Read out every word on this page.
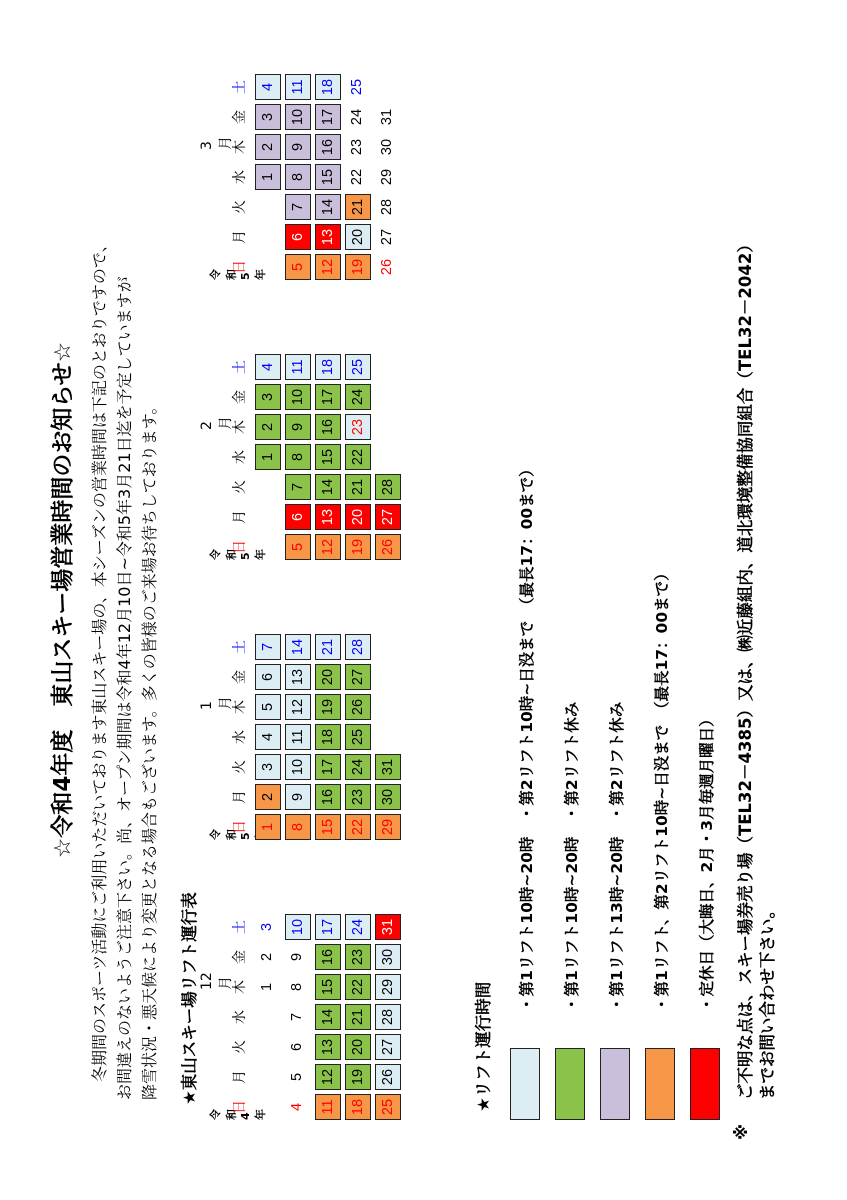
☆令和4年度　東山スキー場営業時間のお知らせ☆ 冬期間のスポーツ活動にご利用いただいております東山スキー場の、本シーズンの営業時間は下記のとおりですので、 お間違えのないようご注意下さい。尚、オープン期間は令和4年12月10日~令和5年3月21日迄を予定していますが 降雪状況・悪天候により変更となる場合もございます。多くの皆様のご来場お待ちしております。 ★東山スキー場リフト運行表
令和4年
12月
日
月
火
水
木
金
土
1
2
3
4
5
6
7
8
9
10
11
12
13
14
15
16
17
18
19
20
21
22
23
24
25
26
27
28
29
30
31
令和5
1月
日
月
火
水
木
金
土
1
2
3
4
5
6
7
8
9
10
11
12
13
14
15
16
17
18
19
20
21
22
23
24
25
26
27
28
29
30
31
令和5年
2月
日
月
火
水
木
金
土
1
2
3
4
5
6
7
8
9
10
11
12
13
14
15
16
17
18
19
20
21
22
23
24
25
26
27
28
令和5年
3月
日
月
火
水
木
金
土
1
2
3
4
5
6
7
8
9
10
11
12
13
14
15
16
17
18
19
20
21
22
23
24
25
26
27
28
29
30
31
★リフト運行時間
・第1リフト10時~20時　・第2リフト10時~日没まで　（最長17：00まで） ・第1リフト10時~20時　・第2リフト休み ・第1リフト13時~20時　・第2リフト休み ・第1リフト、第2リフト10時~日没まで　（最長17：00まで） ・定休日（大晦日、2月・3月毎週月曜日）
※
ご不明な点は、スキー場券売り場（TEL32－4385）又は、㈱近藤組内、道北環境整備協同組合（TEL32－2042） までお問い合わせ下さい。
